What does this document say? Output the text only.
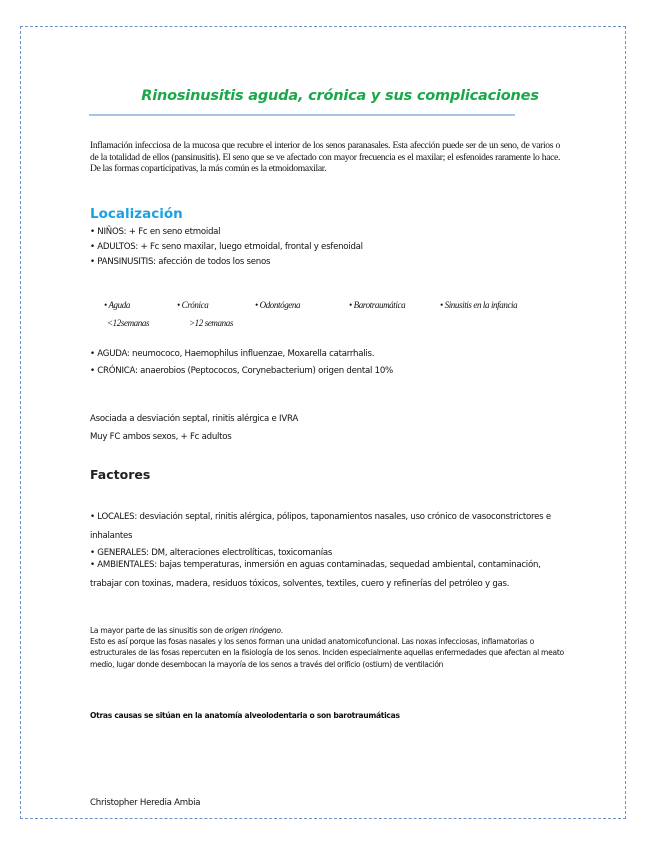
Rinosinusitis aguda, crónica y sus complicaciones
Inflamación infecciosa de la mucosa que recubre el interior de los senos paranasales. Esta afección puede ser de un seno, de varios o de la totalidad de ellos (pansinusitis). El seno que se ve afectado con mayor frecuencia es el maxilar; el esfenoides raramente lo hace. De las formas copartícipativas, la más común es la etmoidomaxilar.
Localización
• NIÑOS: + Fc en seno etmoidal
• ADULTOS: + Fc seno maxilar, luego etmoidal, frontal y esfenoidal
• PANSINUSITIS: afección de todos los senos
• Aguda	• Crónica	• Odontógena	• Barotraumática	• Sinusitis en la infancia
<12semanas	>12 semanas
• AGUDA: neumococo, Haemophilus influenzae, Moxarella catarrhalis.
• CRÓNICA: anaerobios (Peptococos, Corynebacterium) origen dental 10%
Asociada a desviación septal, rinitis alérgica e IVRA
Muy FC ambos sexos, + Fc adultos
Factores
• LOCALES: desviación septal, rinitis alérgica, pólipos, taponamientos nasales, uso crónico de vasoconstrictores e inhalantes
• GENERALES: DM, alteraciones electrolíticas, toxicomanías
• AMBIENTALES: bajas temperaturas, inmersión en aguas contaminadas, sequedad ambiental, contaminación, trabajar con toxinas, madera, residuos tóxicos, solventes, textiles, cuero y refinerías del petróleo y gas.
La mayor parte de las sinusitis son de origen rinógeno.
Esto es así porque las fosas nasales y los senos forman una unidad anatomicofuncional. Las noxas infecciosas, inflamatorias o estructurales de las fosas repercuten en la fisiología de los senos. Inciden especialmente aquellas enfermedades que afectan al meato medio, lugar donde desembocan la mayoría de los senos a través del orificio (ostium) de ventilación
Otras causas se sitúan en la anatomía alveolodentaria o son barotraumáticas
Christopher Heredia Ambia
